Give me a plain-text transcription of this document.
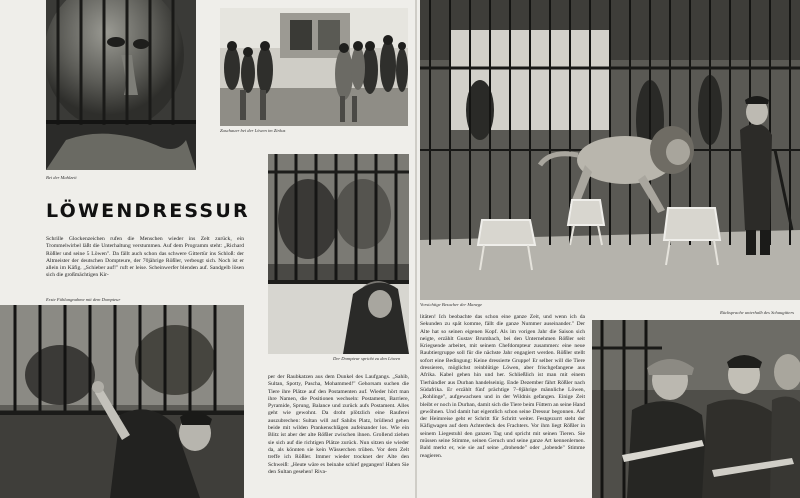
Bei der Mahlzeit
Zuschauer bei der Löwen im Zirkus
LÖWENDRESSUR

Schrille Glockenzeichen rufen die Menschen wieder ins Zelt zurück, ein Trommelwirbel läßt die Unterhaltung verstummen. Auf dem Programm steht: „Richard Rößler und seine 5 Löwen". Da fällt auch schon das schwere Gittertür ins Schloß: der Altmeister der deutschen Dompteure, der 70jährige Rößler, verbeugt sich. Noch ist er allein im Käfig. „Schieber auf!" ruft er leise. Scheinwerfer blenden auf. Sandgelb lösen sich die großmächtigen Kir-

Der Dompteur spricht zu den Löwen
Erste Fühlungnahme mit dem Dompteur

per der Raubkatzen aus dem Dunkel des Laufgangs. „Sahib, Sultan, Spotty, Pascha, Mohammed!" Gehorsam suchen die Tiere ihre Plätze auf den Postamenten auf. Wieder hört man ihre Namen, die Positionen wechseln: Postament, Barriere, Pyramide, Sprung, Balance und zurück aufs Postament. Alles geht wie gewohnt. Da droht plötzlich eine Rauferei auszubrechen: Sultan will auf Sahibs Platz, brüllend gehen beide mit wilden Prankenschlägen aufeinander los. Wie ein Blitz ist aber der alte Rößler zwischen ihnen. Grollend ziehen sie sich auf die richtigen Plätze zurück. Nun sitzen sie wieder da, als könnten sie kein Wässerchen trüben. Vor dem Zelt treffe ich Rößler. Immer wieder trocknet der Alte den Schweiß: „Heute wäre es beinahe schief gegangen! Haben Sie den Sultan gesehen! Riva-

Vorsichtige Besucher der Manege

litäten! Ich beobachte das schon eine ganze Zeit, und wenn ich da Sekunden zu spät komme, fällt die ganze Nummer auseinander." Der Alte hat so seinen eigenen Kopf. Als im vorigen Jahr die Saison sich neigte, erzählt Gustav Brumbach, bei den Unternehmen Rößler seit Kriegsende arbeitet, mit seinem Chefdompteur zusammen: eine neue Raubtiergruppe soll für die nächste Jahr engagiert werden. Rößler stellt sofort eine Bedingung: Keine dressierte Gruppe! Er selber will die Tiere dressieren, möglichst reinblütige Löwen, aber frischgefangene aus Afrika. Kabel gehen hin und her. Schließlich ist man mit einem Tierhändler aus Durban handelseinig. Ende Dezember fährt Rößler nach Südafrika. Er erzählt fünf prächtige 7–8jährige männliche Löwen, „Rohlinge", aufgewachsen und in der Wildnis gefangen. Einige Zeit bleibt er noch in Durban, damit sich die Tiere beim Füttern an seine Hand gewöhnen. Und damit hat eigentlich schon seine Dressur begonnen. Auf der Heimreise geht er Schritt für Schritt weiter. Festgezurrt steht der Käfigwagen auf dem Achterdeck des Frachters. Vor ihm liegt Rößler in seinem Liegestuhl den ganzen Tag und spricht mit seinen Tieren. Sie müssen seine Stimme, seinen Geruch und seine ganze Art kennenlernen. Bald merkt er, wie sie auf seine „drohende" oder „lobende" Stimme reagieren.

Rücksprache unterhalb des Schaugitters
